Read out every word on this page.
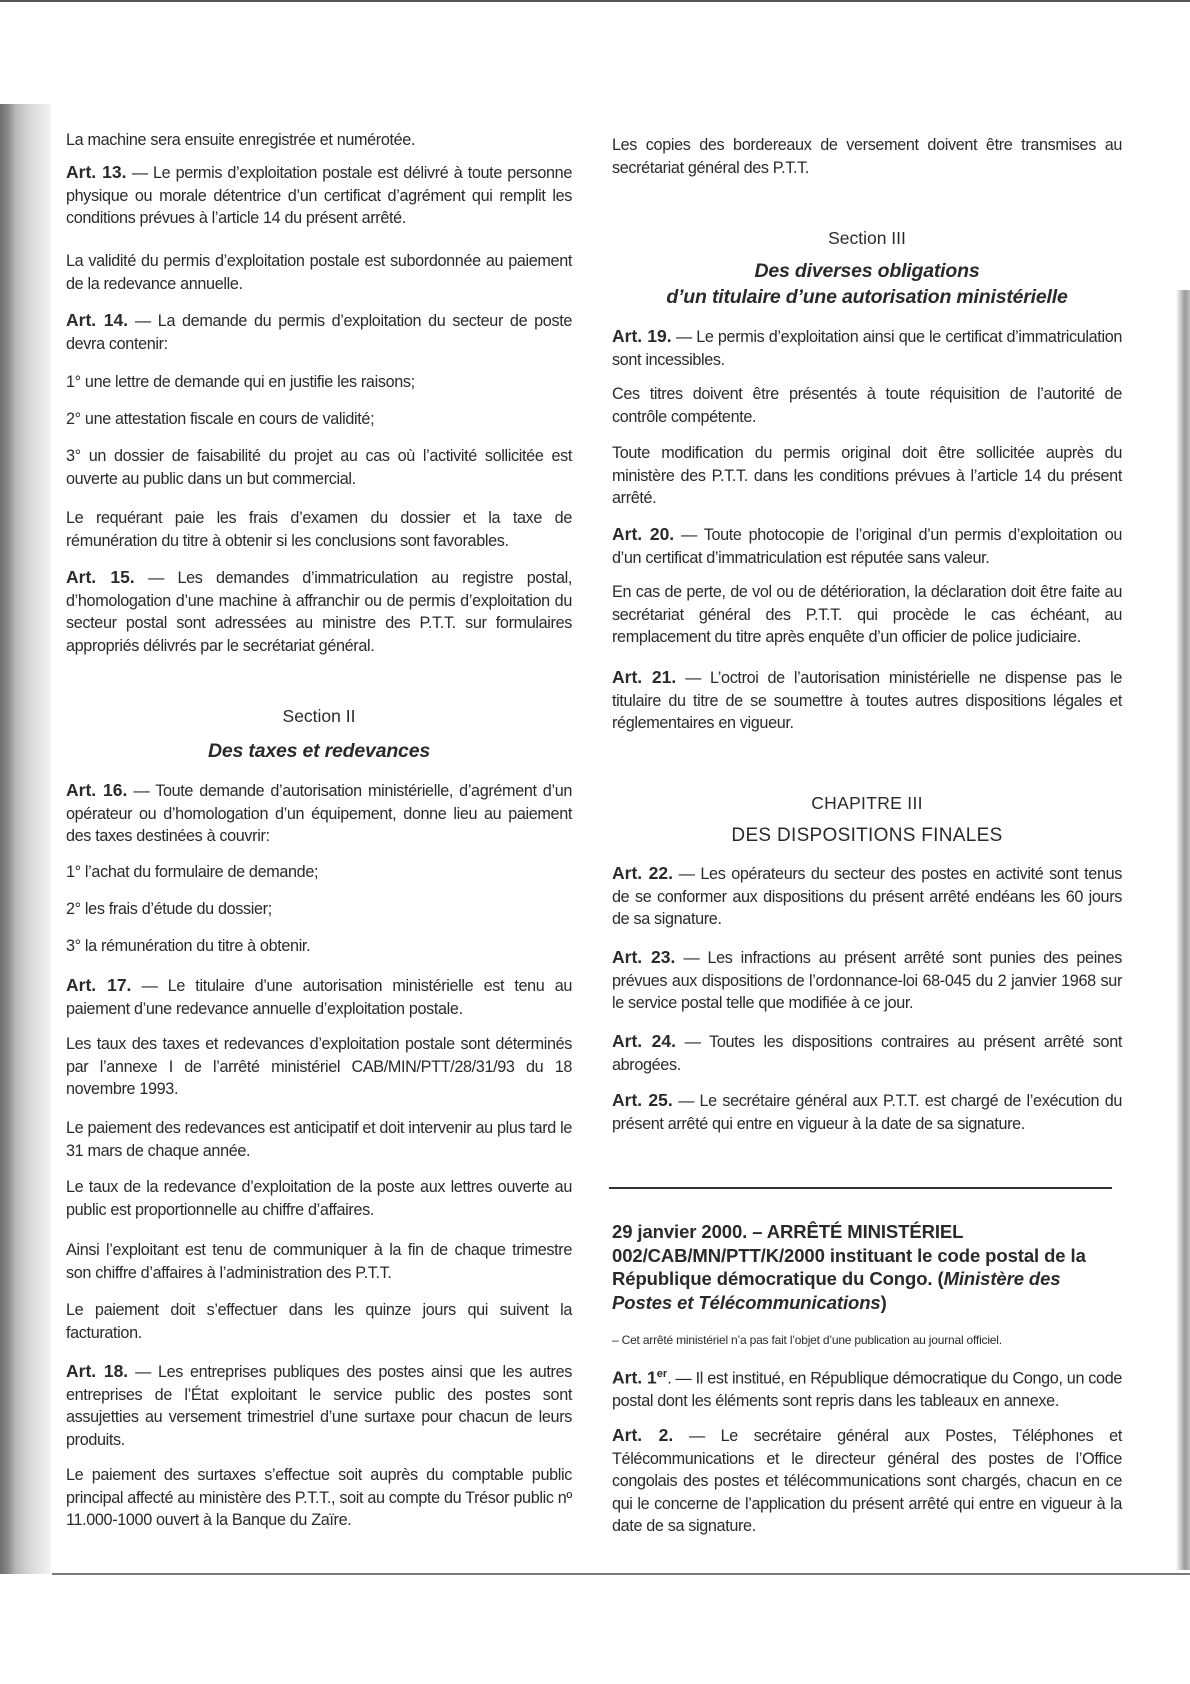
La machine sera ensuite enregistrée et numérotée.

Art. 13. — Le permis d’exploitation postale est délivré à toute personne physique ou morale détentrice d’un certificat d’agrément qui remplit les conditions prévues à l’article 14 du présent arrêté.

La validité du permis d’exploitation postale est subordonnée au paiement de la redevance annuelle.

Art. 14. — La demande du permis d’exploitation du secteur de poste devra contenir:

1° une lettre de demande qui en justifie les raisons;

2° une attestation fiscale en cours de validité;

3° un dossier de faisabilité du projet au cas où l’activité sollicitée est ouverte au public dans un but commercial.

Le requérant paie les frais d’examen du dossier et la taxe de rémunération du titre à obtenir si les conclusions sont favorables.

Art. 15. — Les demandes d’immatriculation au registre postal, d’homologation d’une machine à affranchir ou de permis d’exploitation du secteur postal sont adressées au ministre des P.T.T. sur formulaires appropriés délivrés par le secrétariat général.

Section II

Des taxes et redevances

Art. 16. — Toute demande d’autorisation ministérielle, d’agrément d’un opérateur ou d’homologation d’un équipement, donne lieu au paiement des taxes destinées à couvrir:

1° l’achat du formulaire de demande;

2° les frais d’étude du dossier;

3° la rémunération du titre à obtenir.

Art. 17. — Le titulaire d’une autorisation ministérielle est tenu au paiement d’une redevance annuelle d’exploitation postale.

Les taux des taxes et redevances d’exploitation postale sont déterminés par l’annexe I de l’arrêté ministériel CAB/MIN/PTT/28/31/93 du 18 novembre 1993.

Le paiement des redevances est anticipatif et doit intervenir au plus tard le 31 mars de chaque année.

Le taux de la redevance d’exploitation de la poste aux lettres ouverte au public est proportionnelle au chiffre d’affaires.

Ainsi l’exploitant est tenu de communiquer à la fin de chaque trimestre son chiffre d’affaires à l’administration des P.T.T.

Le paiement doit s’effectuer dans les quinze jours qui suivent la facturation.

Art. 18. — Les entreprises publiques des postes ainsi que les autres entreprises de l’État exploitant le service public des postes sont assujetties au versement trimestriel d’une surtaxe pour chacun de leurs produits.

Le paiement des surtaxes s’effectue soit auprès du comptable public principal affecté au ministère des P.T.T., soit au compte du Trésor public nº 11.000-1000 ouvert à la Banque du Zaïre.

Les copies des bordereaux de versement doivent être transmises au secrétariat général des P.T.T.

Section III

Des diverses obligations

d’un titulaire d’une autorisation ministérielle

Art. 19. — Le permis d’exploitation ainsi que le certificat d’immatriculation sont incessibles.

Ces titres doivent être présentés à toute réquisition de l’autorité de contrôle compétente.

Toute modification du permis original doit être sollicitée auprès du ministère des P.T.T. dans les conditions prévues à l’article 14 du présent arrêté.

Art. 20. — Toute photocopie de l’original d’un permis d’exploitation ou d’un certificat d’immatriculation est réputée sans valeur.

En cas de perte, de vol ou de détérioration, la déclaration doit être faite au secrétariat général des P.T.T. qui procède le cas échéant, au remplacement du titre après enquête d’un officier de police judiciaire.

Art. 21. — L’octroi de l’autorisation ministérielle ne dispense pas le titulaire du titre de se soumettre à toutes autres dispositions légales et réglementaires en vigueur.

CHAPITRE III

DES DISPOSITIONS FINALES

Art. 22. — Les opérateurs du secteur des postes en activité sont tenus de se conformer aux dispositions du présent arrêté endéans les 60 jours de sa signature.

Art. 23. — Les infractions au présent arrêté sont punies des peines prévues aux dispositions de l’ordonnance-loi 68-045 du 2 janvier 1968 sur le service postal telle que modifiée à ce jour.

Art. 24. — Toutes les dispositions contraires au présent arrêté sont abrogées.

Art. 25. — Le secrétaire général aux P.T.T. est chargé de l’exécution du présent arrêté qui entre en vigueur à la date de sa signature.

29 janvier 2000. – ARRÊTÉ MINISTÉRIEL 002/CAB/MN/PTT/K/2000 instituant le code postal de la République démocratique du Congo. (Ministère des Postes et Télécommunications)

– Cet arrêté ministériel n’a pas fait l’objet d’une publication au journal officiel.

Art. 1er. — Il est institué, en République démocratique du Congo, un code postal dont les éléments sont repris dans les tableaux en annexe.

Art. 2. — Le secrétaire général aux Postes, Téléphones et Télécommunications et le directeur général des postes de l’Office congolais des postes et télécommunications sont chargés, chacun en ce qui le concerne de l’application du présent arrêté qui entre en vigueur à la date de sa signature.
